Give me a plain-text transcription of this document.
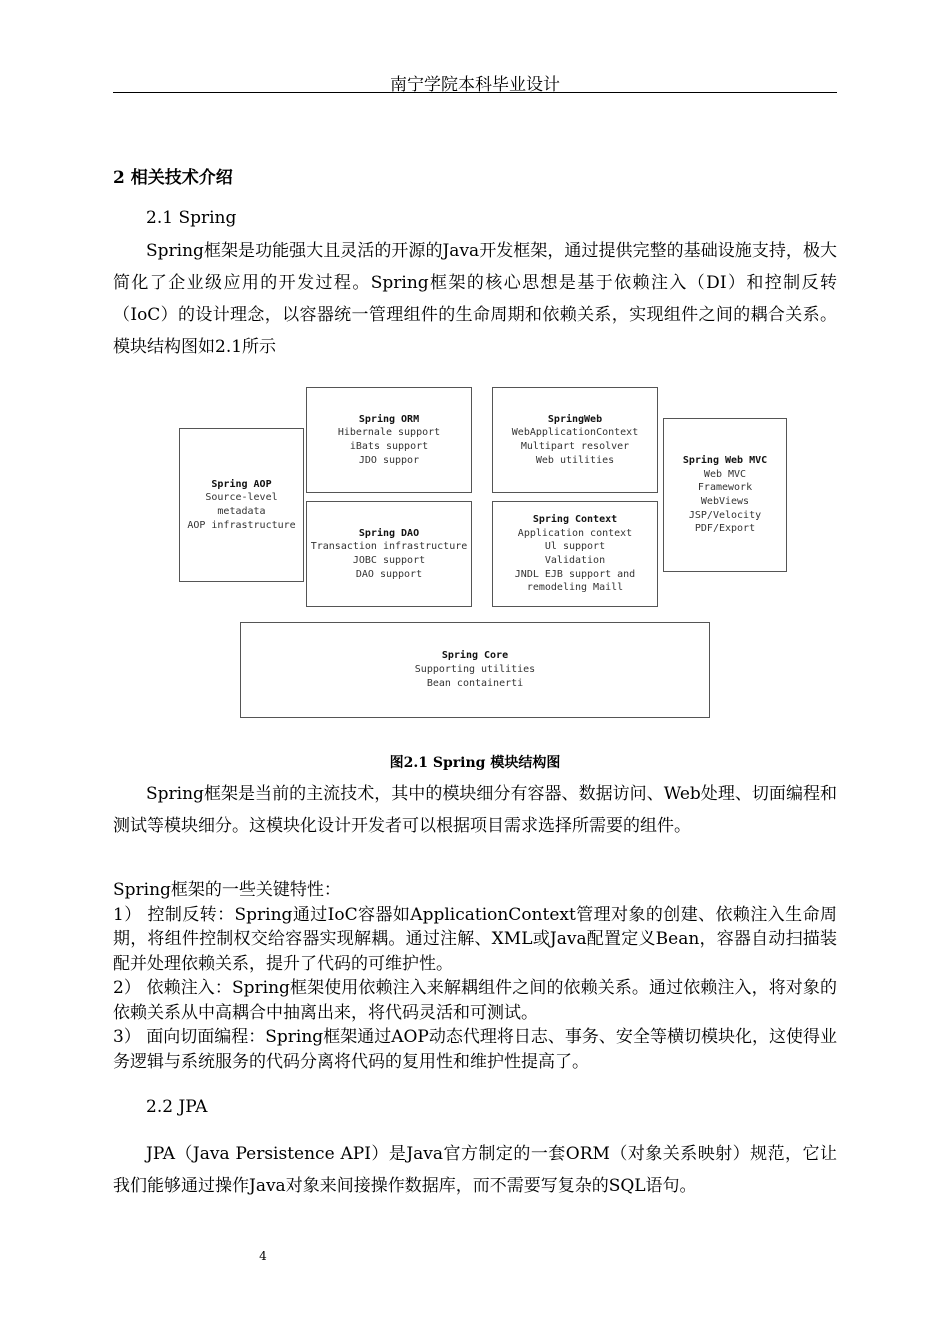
南宁学院本科毕业设计
2 相关技术介绍
2.1 Spring
Spring框架是功能强大且灵活的开源的Java开发框架，通过提供完整的基础设施支持，极大简化了企业级应用的开发过程。Spring框架的核心思想是基于依赖注入（DI）和控制反转（IoC）的设计理念，以容器统一管理组件的生命周期和依赖关系，实现组件之间的耦合关系。模块结构图如2.1所示
Spring AOP
Source-level
metadata
AOP infrastructure
Spring ORM
Hibernale support
iBats support
JDO suppor
SpringWeb
WebApplicationContext
Multipart resolver
Web utilities	Spring Web MVC
Web MVC
Framework
WebViews
JSP/Velocity
PDF/Export
Spring DAO
Transaction infrastructure
JOBC support
DAO support
Spring Context
Application context
Ul support
Validation
JNDL EJB support and
remodeling Maill
Spring Core
Supporting utilities
Bean containerti
图2.1 Spring 模块结构图
Spring框架是当前的主流技术，其中的模块细分有容器、数据访问、Web处理、切面编程和测试等模块细分。这模块化设计开发者可以根据项目需求选择所需要的组件。
Spring框架的一些关键特性：
1） 控制反转：Spring通过IoC容器如ApplicationContext管理对象的创建、依赖注入生命周期，将组件控制权交给容器实现解耦。通过注解、XML或Java配置定义Bean，容器自动扫描装配并处理依赖关系，提升了代码的可维护性。
2） 依赖注入：Spring框架使用依赖注入来解耦组件之间的依赖关系。通过依赖注入，将对象的依赖关系从中高耦合中抽离出来，将代码灵活和可测试。
3） 面向切面编程：Spring框架通过AOP动态代理将日志、事务、安全等横切模块化，这使得业务逻辑与系统服务的代码分离将代码的复用性和维护性提高了。
2.2 JPA
JPA（Java Persistence API）是Java官方制定的一套ORM（对象关系映射）规范，它让我们能够通过操作Java对象来间接操作数据库，而不需要写复杂的SQL语句。
4
